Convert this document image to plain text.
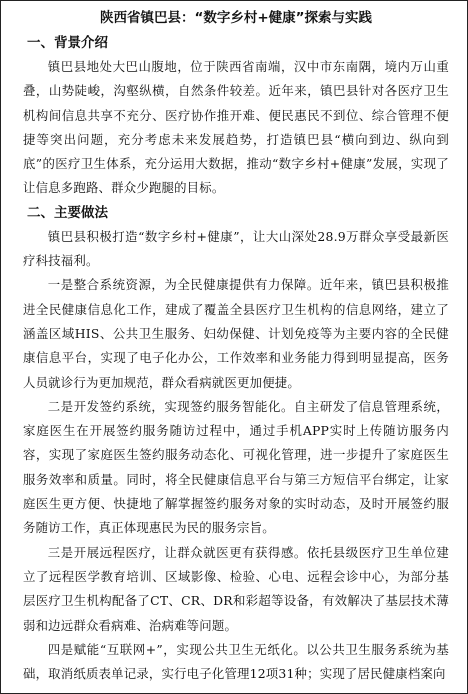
陕西省镇巴县：“数字乡村+健康”探索与实践
一、背景介绍

镇巴县地处大巴山腹地，位于陕西省南端，汉中市东南隅，境内万山重叠，山势陡峻，沟壑纵横，自然条件较差。近年来，镇巴县针对各医疗卫生机构间信息共享不充分、医疗协作推开难、便民惠民不到位、综合管理不便捷等突出问题，充分考虑未来发展趋势，打造镇巴县“横向到边、纵向到底”的医疗卫生体系，充分运用大数据，推动“数字乡村+健康”发展，实现了让信息多跑路、群众少跑腿的目标。

二、主要做法

镇巴县积极打造“数字乡村+健康”，让大山深处28.9万群众享受最新医疗科技福利。

一是整合系统资源，为全民健康提供有力保障。近年来，镇巴县积极推进全民健康信息化工作，建成了覆盖全县医疗卫生机构的信息网络，建立了涵盖区域HIS、公共卫生服务、妇幼保健、计划免疫等为主要内容的全民健康信息平台，实现了电子化办公，工作效率和业务能力得到明显提高，医务人员就诊行为更加规范，群众看病就医更加便捷。

二是开发签约系统，实现签约服务智能化。自主研发了信息管理系统，家庭医生在开展签约服务随访过程中，通过手机APP实时上传随访服务内容，实现了家庭医生签约服务动态化、可视化管理，进一步提升了家庭医生服务效率和质量。同时，将全民健康信息平台与第三方短信平台绑定，让家庭医生更方便、快捷地了解掌握签约服务对象的实时动态，及时开展签约服务随访工作，真正体现惠民为民的服务宗旨。

三是开展远程医疗，让群众就医更有获得感。依托县级医疗卫生单位建立了远程医学教育培训、区域影像、检验、心电、远程会诊中心，为部分基层医疗卫生机构配备了CT、CR、DR和彩超等设备，有效解决了基层技术薄弱和边远群众看病难、治病难等问题。

四是赋能“互联网+”，实现公共卫生无纸化。以公共卫生服务系统为基础，取消纸质表单记录，实行电子化管理12项31种；实现了居民健康档案向
